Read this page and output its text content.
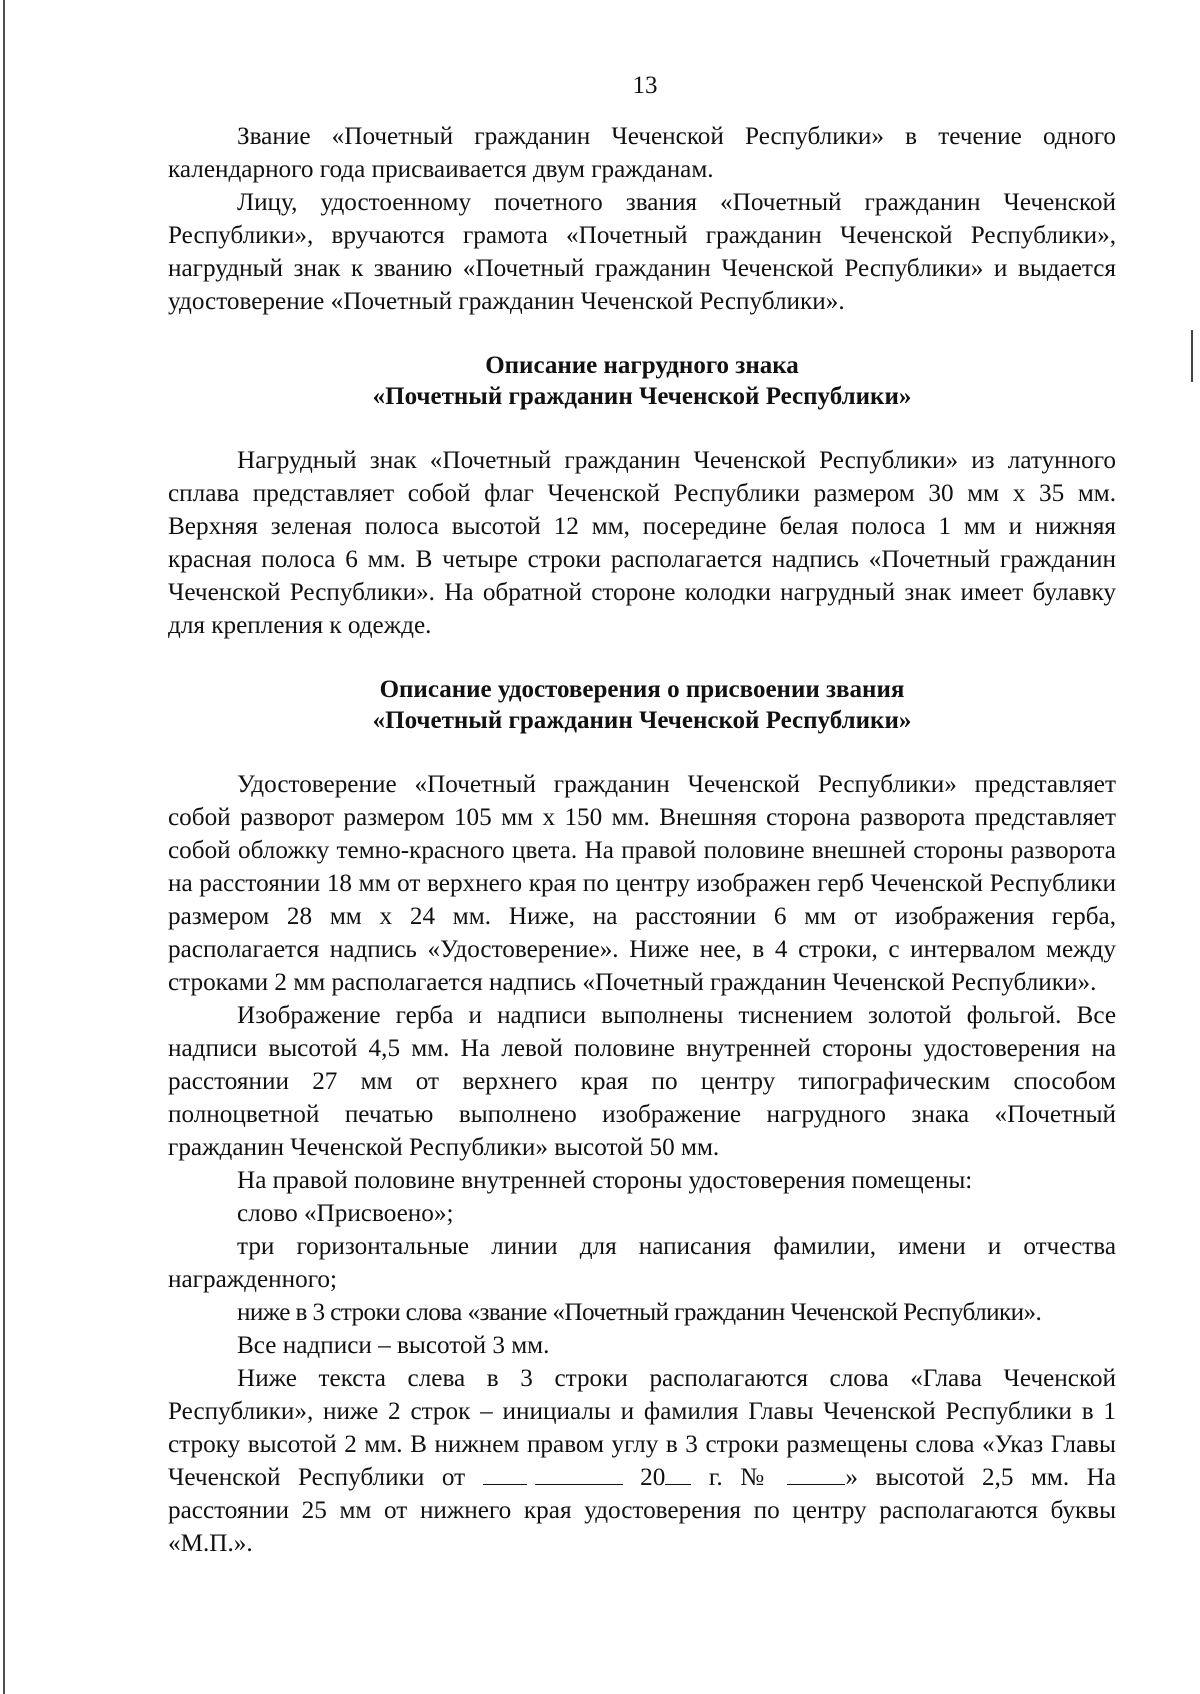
13

Звание «Почетный гражданин Чеченской Республики» в течение одного календарного года присваивается двум гражданам.

Лицу, удостоенному почетного звания «Почетный гражданин Чеченской Республики», вручаются грамота «Почетный гражданин Чеченской Республики», нагрудный знак к званию «Почетный гражданин Чеченской Республики» и выдается удостоверение «Почетный гражданин Чеченской Республики».

Описание нагрудного знака
«Почетный гражданин Чеченской Республики»

Нагрудный знак «Почетный гражданин Чеченской Республики» из латунного сплава представляет собой флаг Чеченской Республики размером 30 мм х 35 мм. Верхняя зеленая полоса высотой 12 мм, посередине белая полоса 1 мм и нижняя красная полоса 6 мм. В четыре строки располагается надпись «Почетный гражданин Чеченской Республики». На обратной стороне колодки нагрудный знак имеет булавку для крепления к одежде.

Описание удостоверения о присвоении звания
«Почетный гражданин Чеченской Республики»

Удостоверение «Почетный гражданин Чеченской Республики» представляет собой разворот размером 105 мм х 150 мм. Внешняя сторона разворота представляет собой обложку темно-красного цвета. На правой половине внешней стороны разворота на расстоянии 18 мм от верхнего края по центру изображен герб Чеченской Республики размером 28 мм х 24 мм. Ниже, на расстоянии 6 мм от изображения герба, располагается надпись «Удостоверение». Ниже нее, в 4 строки, с интервалом между строками 2 мм располагается надпись «Почетный гражданин Чеченской Республики».

Изображение герба и надписи выполнены тиснением золотой фольгой. Все надписи высотой 4,5 мм. На левой половине внутренней стороны удостоверения на расстоянии 27 мм от верхнего края по центру типографическим способом полноцветной печатью выполнено изображение нагрудного знака «Почетный гражданин Чеченской Республики» высотой 50 мм.

На правой половине внутренней стороны удостоверения помещены:

слово «Присвоено»;

три горизонтальные линии для написания фамилии, имени и отчества награжденного;

ниже в 3 строки слова «звание «Почетный гражданин Чеченской Республики».

Все надписи – высотой 3 мм.

Ниже текста слева в 3 строки располагаются слова «Глава Чеченской Республики», ниже 2 строк – инициалы и фамилия Главы Чеченской Республики в 1 строку высотой 2 мм. В нижнем правом углу в 3 строки размещены слова «Указ Главы Чеченской Республики от	20 г. №	» высотой 2,5 мм. На расстоянии 25 мм от нижнего края удостоверения по центру располагаются буквы «М.П.».
